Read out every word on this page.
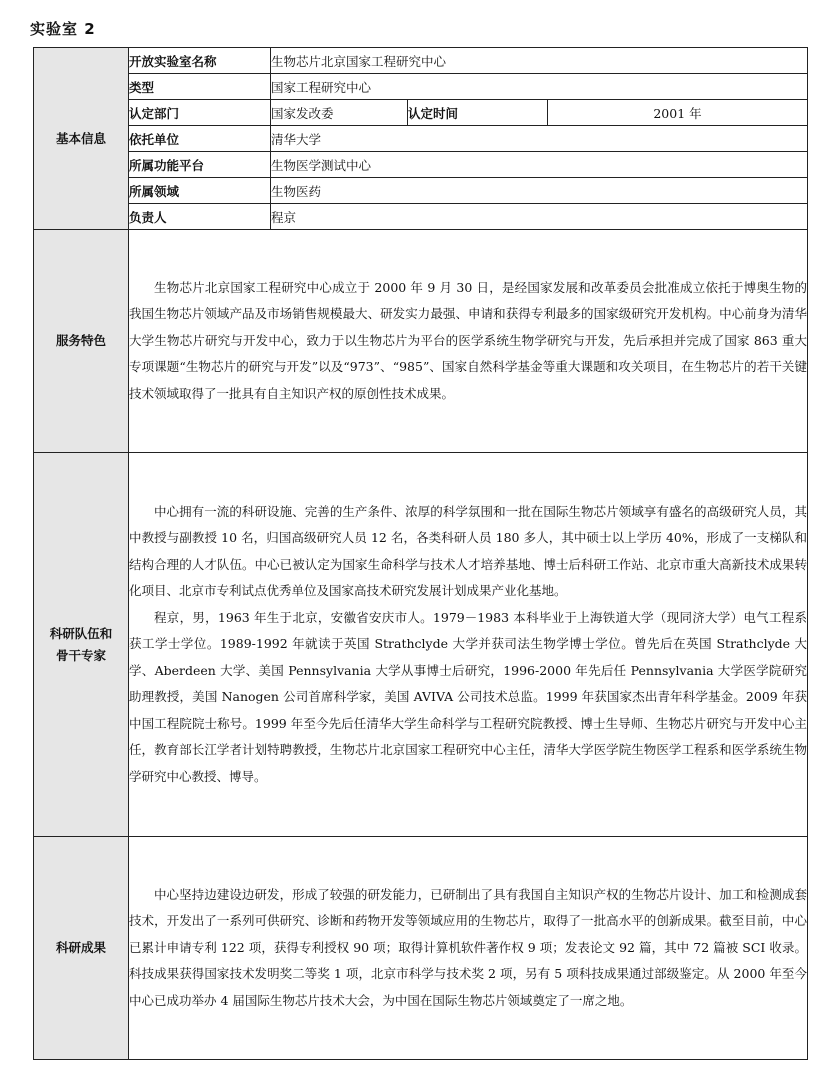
实验室 2
基本信息	开放实验室名称	生物芯片北京国家工程研究中心		
	类型	国家工程研究中心		
	认定部门	国家发改委	认定时间	2001 年
	依托单位	清华大学		
	所属功能平台	生物医学测试中心		
	所属领域	生物医药		
	负责人	程京		
服务特色	生物芯片北京国家工程研究中心成立于 2000 年 9 月 30 日，是经国家发展和改革委员会批准成立依托于博奥生物的我国生物芯片领域产品及市场销售规模最大、研发实力最强、申请和获得专利最多的国家级研究开发机构。中心前身为清华大学生物芯片研究与开发中心，致力于以生物芯片为平台的医学系统生物学研究与开发，先后承担并完成了国家 863 重大专项课题“生物芯片的研究与开发”以及“973”、“985”、国家自然科学基金等重大课题和攻关项目，在生物芯片的若干关键技术领域取得了一批具有自主知识产权的原创性技术成果。			

科研队伍和骨干专家	中心拥有一流的科研设施、完善的生产条件、浓厚的科学氛围和一批在国际生物芯片领域享有盛名的高级研究人员，其中教授与副教授 10 名，归国高级研究人员 12 名，各类科研人员 180 多人，其中硕士以上学历 40%，形成了一支梯队和结构合理的人才队伍。中心已被认定为国家生命科学与技术人才培养基地、博士后科研工作站、北京市重大高新技术成果转化项目、北京市专利试点优秀单位及国家高技术研究发展计划成果产业化基地。

程京，男，1963 年生于北京，安徽省安庆市人。1979－1983 本科毕业于上海铁道大学（现同济大学）电气工程系获工学士学位。1989-1992 年就读于英国 Strathclyde 大学并获司法生物学博士学位。曾先后在英国 Strathclyde 大学、Aberdeen 大学、美国 Pennsylvania 大学从事博士后研究，1996-2000 年先后任 Pennsylvania 大学医学院研究助理教授，美国 Nanogen 公司首席科学家，美国 AVIVA 公司技术总监。1999 年获国家杰出青年科学基金。2009 年获中国工程院院士称号。1999 年至今先后任清华大学生命科学与工程研究院教授、博士生导师、生物芯片研究与开发中心主任，教育部长江学者计划特聘教授，生物芯片北京国家工程研究中心主任，清华大学医学院生物医学工程系和医学系统生物学研究中心教授、博导。			

科研成果	中心坚持边建设边研发，形成了较强的研发能力，已研制出了具有我国自主知识产权的生物芯片设计、加工和检测成套技术，开发出了一系列可供研究、诊断和药物开发等领域应用的生物芯片，取得了一批高水平的创新成果。截至目前，中心已累计申请专利 122 项，获得专利授权 90 项；取得计算机软件著作权 9 项；发表论文 92 篇，其中 72 篇被 SCI 收录。科技成果获得国家技术发明奖二等奖 1 项，北京市科学与技术奖 2 项，另有 5 项科技成果通过部级鉴定。从 2000 年至今中心已成功举办 4 届国际生物芯片技术大会，为中国在国际生物芯片领域奠定了一席之地。			
